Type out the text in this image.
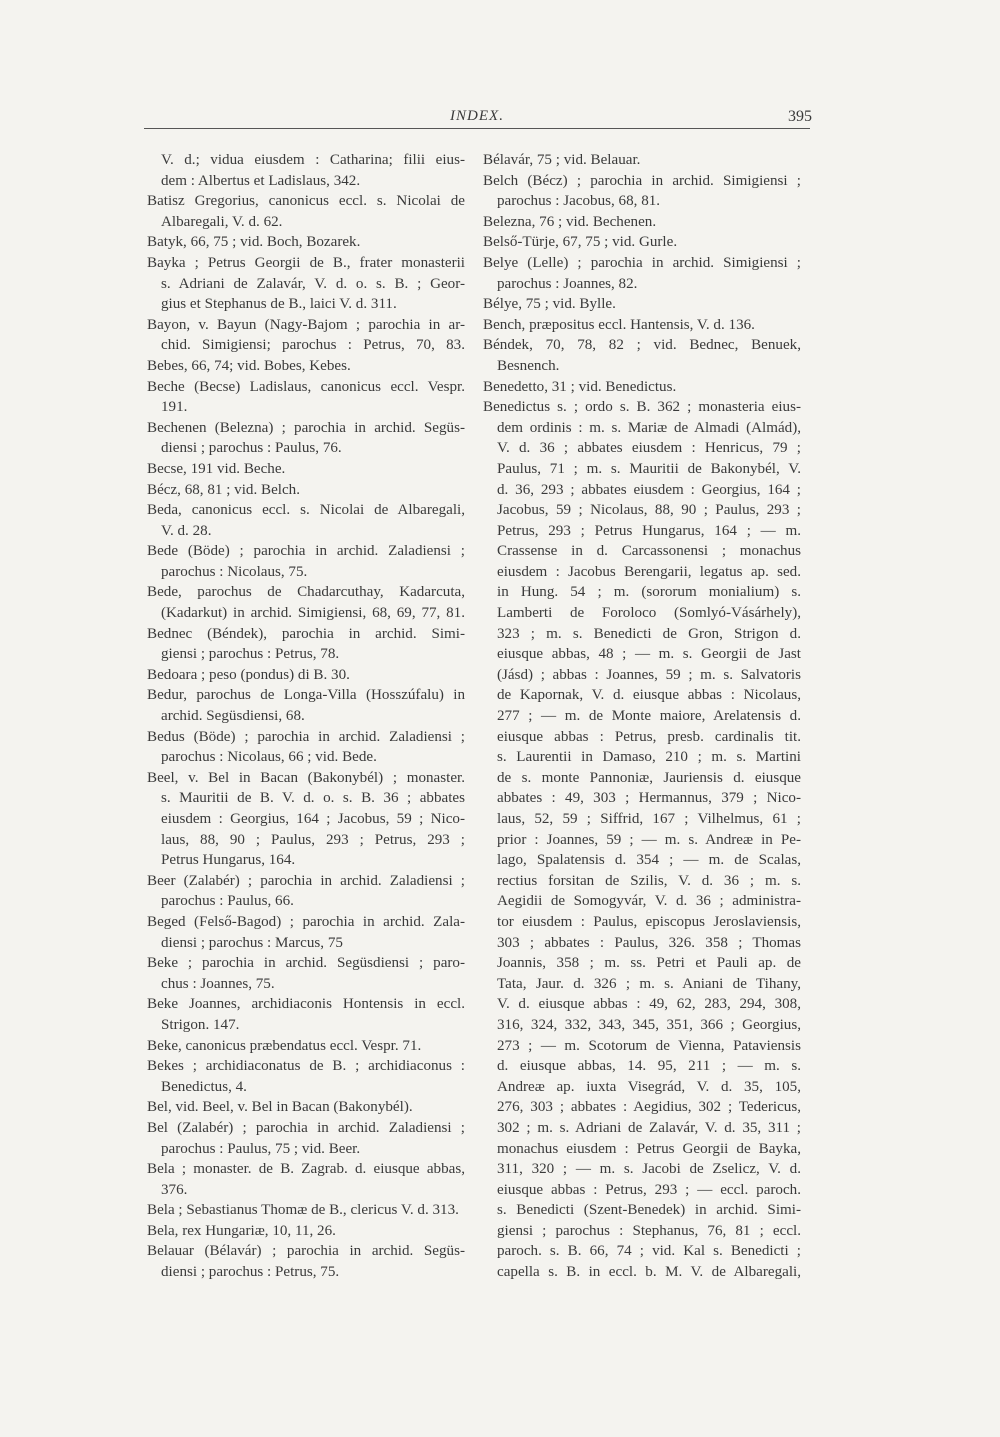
INDEX.	395
V. d.; vidua eiusdem : Catharina; filii eius-
dem : Albertus et Ladislaus, 342.
Batisz Gregorius, canonicus eccl. s. Nicolai de
Albaregali, V. d. 62.
Batyk, 66, 75 ; vid. Boch, Bozarek.
Bayka ; Petrus Georgii de B., frater monasterii
s. Adriani de Zalavár, V. d. o. s. B. ; Geor-
gius et Stephanus de B., laici V. d. 311.
Bayon, v. Bayun (Nagy-Bajom ; parochia in ar-
chid. Simigiensi; parochus : Petrus, 70, 83.
Bebes, 66, 74; vid. Bobes, Kebes.
Beche (Becse) Ladislaus, canonicus eccl. Vespr.
191.
Bechenen (Belezna) ; parochia in archid. Següs-
diensi ; parochus : Paulus, 76.
Becse, 191 vid. Beche.
Bécz, 68, 81 ; vid. Belch.
Beda, canonicus eccl. s. Nicolai de Albaregali,
V. d. 28.
Bede (Böde) ; parochia in archid. Zaladiensi ;
parochus : Nicolaus, 75.
Bede, parochus de Chadarcuthay, Kadarcuta,
(Kadarkut) in archid. Simigiensi, 68, 69, 77, 81.
Bednec (Béndek), parochia in archid. Simi-
giensi ; parochus : Petrus, 78.
Bedoara ; peso (pondus) di B. 30.
Bedur, parochus de Longa-Villa (Hosszúfalu) in
archid. Següsdiensi, 68.
Bedus (Böde) ; parochia in archid. Zaladiensi ;
parochus : Nicolaus, 66 ; vid. Bede.
Beel, v. Bel in Bacan (Bakonybél) ; monaster.
s. Mauritii de B. V. d. o. s. B. 36 ; abbates
eiusdem : Georgius, 164 ; Jacobus, 59 ; Nico-
laus, 88, 90 ; Paulus, 293 ; Petrus, 293 ;
Petrus Hungarus, 164.
Beer (Zalabér) ; parochia in archid. Zaladiensi ;
parochus : Paulus, 66.
Beged (Felső-Bagod) ; parochia in archid. Zala-
diensi ; parochus : Marcus, 75
Beke ; parochia in archid. Següsdiensi ; paro-
chus : Joannes, 75.
Beke Joannes, archidiaconis Hontensis in eccl.
Strigon. 147.
Beke, canonicus præbendatus eccl. Vespr. 71.
Bekes ; archidiaconatus de B. ; archidiaconus :
Benedictus, 4.
Bel, vid. Beel, v. Bel in Bacan (Bakonybél).
Bel (Zalabér) ; parochia in archid. Zaladiensi ;
parochus : Paulus, 75 ; vid. Beer.
Bela ; monaster. de B. Zagrab. d. eiusque abbas,
376.
Bela ; Sebastianus Thomæ de B., clericus V. d. 313.
Bela, rex Hungariæ, 10, 11, 26.
Belauar (Bélavár) ; parochia in archid. Següs-
diensi ; parochus : Petrus, 75.
Bélavár, 75 ; vid. Belauar.
Belch (Bécz) ; parochia in archid. Simigiensi ;
parochus : Jacobus, 68, 81.
Belezna, 76 ; vid. Bechenen.
Belső-Türje, 67, 75 ; vid. Gurle.
Belye (Lelle) ; parochia in archid. Simigiensi ;
parochus : Joannes, 82.
Bélye, 75 ; vid. Bylle.
Bench, præpositus eccl. Hantensis, V. d. 136.
Béndek, 70, 78, 82 ; vid. Bednec, Benuek,
Besnench.
Benedetto, 31 ; vid. Benedictus.
Benedictus s. ; ordo s. B. 362 ; monasteria eius-
dem ordinis : m. s. Mariæ de Almadi (Almád),
V. d. 36 ; abbates eiusdem : Henricus, 79 ;
Paulus, 71 ; m. s. Mauritii de Bakonybél, V.
d. 36, 293 ; abbates eiusdem : Georgius, 164 ;
Jacobus, 59 ; Nicolaus, 88, 90 ; Paulus, 293 ;
Petrus, 293 ; Petrus Hungarus, 164 ; — m.
Crassense in d. Carcassonensi ; monachus
eiusdem : Jacobus Berengarii, legatus ap. sed.
in Hung. 54 ; m. (sororum monialium) s.
Lamberti de Foroloco (Somlyó-Vásárhely),
323 ; m. s. Benedicti de Gron, Strigon d.
eiusque abbas, 48 ; — m. s. Georgii de Jast
(Jásd) ; abbas : Joannes, 59 ; m. s. Salvatoris
de Kapornak, V. d. eiusque abbas : Nicolaus,
277 ; — m. de Monte maiore, Arelatensis d.
eiusque abbas : Petrus, presb. cardinalis tit.
s. Laurentii in Damaso, 210 ; m. s. Martini
de s. monte Pannoniæ, Jauriensis d. eiusque
abbates : 49, 303 ; Hermannus, 379 ; Nico-
laus, 52, 59 ; Siffrid, 167 ; Vilhelmus, 61 ;
prior : Joannes, 59 ; — m. s. Andreæ in Pe-
lago, Spalatensis d. 354 ; — m. de Scalas,
rectius forsitan de Szilis, V. d. 36 ; m. s.
Aegidii de Somogyvár, V. d. 36 ; administra-
tor eiusdem : Paulus, episcopus Jeroslaviensis,
303 ; abbates : Paulus, 326. 358 ; Thomas
Joannis, 358 ; m. ss. Petri et Pauli ap. de
Tata, Jaur. d. 326 ; m. s. Aniani de Tihany,
V. d. eiusque abbas : 49, 62, 283, 294, 308,
316, 324, 332, 343, 345, 351, 366 ; Georgius,
273 ; — m. Scotorum de Vienna, Pataviensis
d. eiusque abbas, 14. 95, 211 ; — m. s.
Andreæ ap. iuxta Visegrád, V. d. 35, 105,
276, 303 ; abbates : Aegidius, 302 ; Tedericus,
302 ; m. s. Adriani de Zalavár, V. d. 35, 311 ;
monachus eiusdem : Petrus Georgii de Bayka,
311, 320 ; — m. s. Jacobi de Zselicz, V. d.
eiusque abbas : Petrus, 293 ; — eccl. paroch.
s. Benedicti (Szent-Benedek) in archid. Simi-
giensi ; parochus : Stephanus, 76, 81 ; eccl.
paroch. s. B. 66, 74 ; vid. Kal s. Benedicti ;
capella s. B. in eccl. b. M. V. de Albaregali,
